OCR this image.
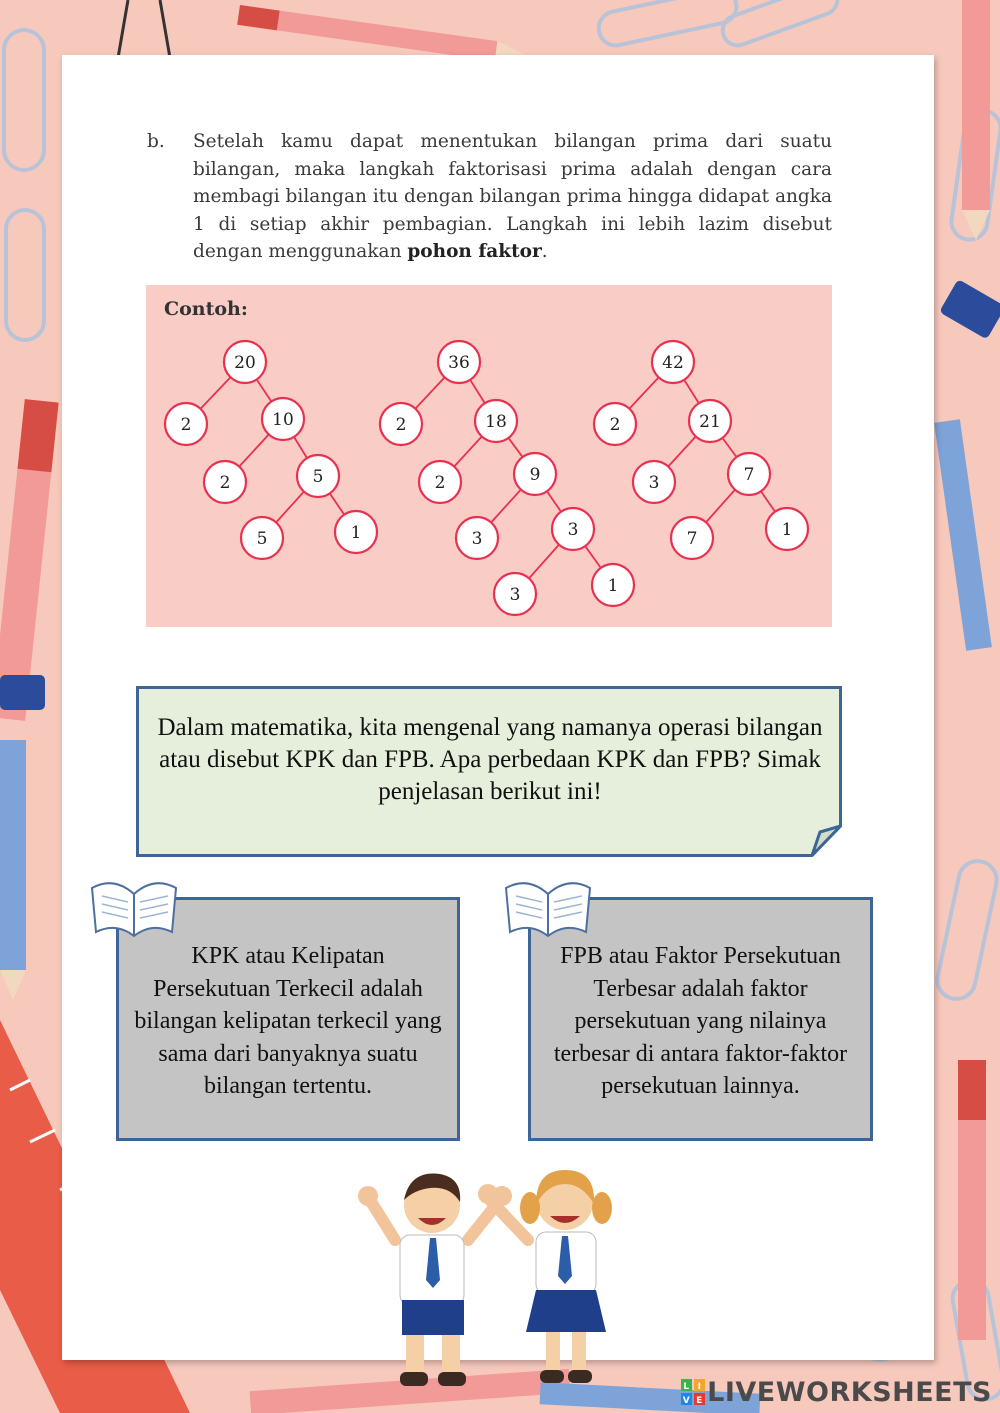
b. Setelah kamu dapat menentukan bilangan prima dari suatu bilangan, maka langkah faktorisasi prima adalah dengan cara membagi bilangan itu dengan bilangan prima hingga didapat angka 1 di setiap akhir pembagian. Langkah ini lebih lazim disebut dengan menggunakan pohon faktor.
Contoh:
20
2	10
2	5
5	1
36
2	18
2	9
3	3
3	1
42
2	21
3	7
7	1
Dalam matematika, kita mengenal yang namanya operasi bilangan atau disebut KPK dan FPB. Apa perbedaan KPK dan FPB? Simak penjelasan berikut ini!
KPK atau Kelipatan Persekutuan Terkecil adalah bilangan kelipatan terkecil yang sama dari banyaknya suatu bilangan tertentu.
FPB atau Faktor Persekutuan Terbesar adalah faktor persekutuan yang nilainya terbesar di antara faktor-faktor persekutuan lainnya.
L I
V E LIVEWORKSHEETS
